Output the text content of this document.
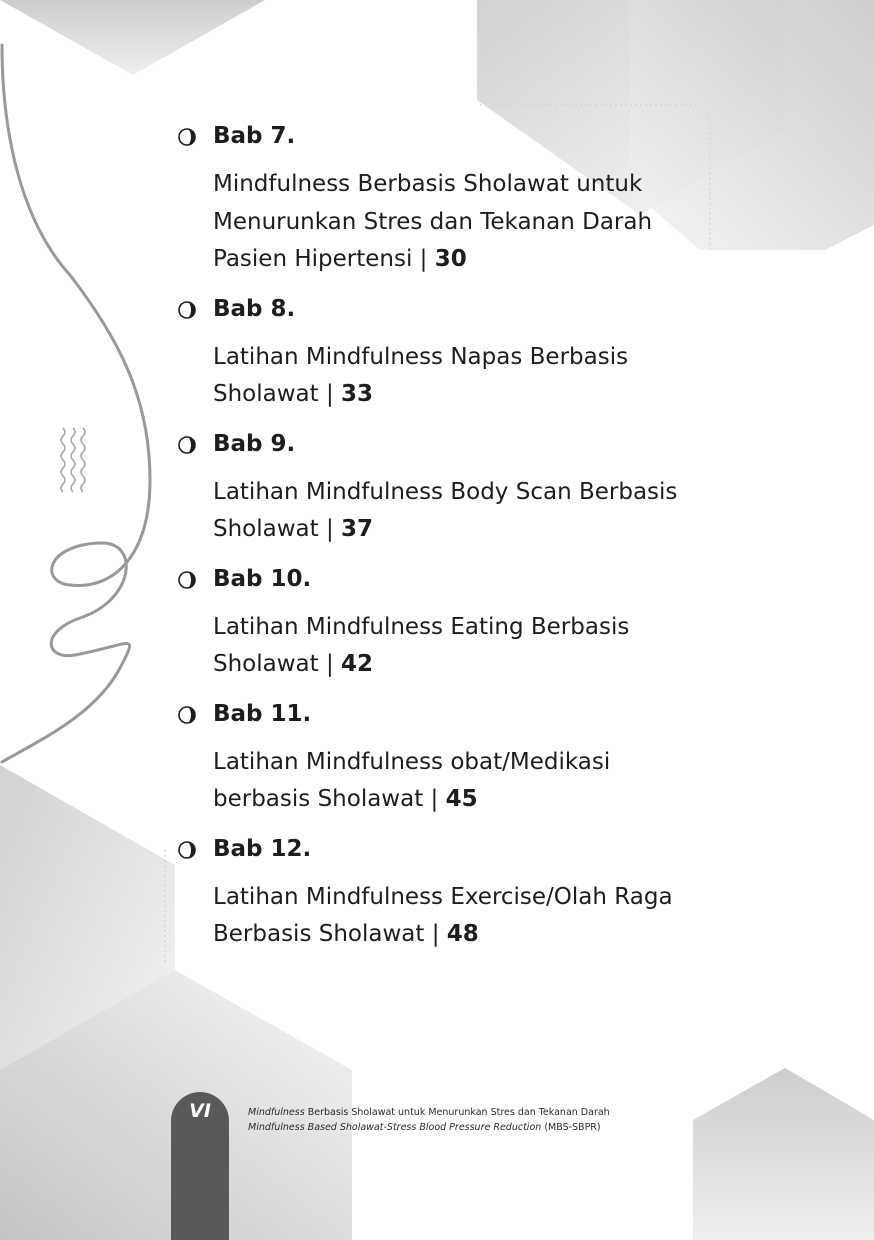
Bab 7.
Mindfulness Berbasis Sholawat untuk
Menurunkan Stres dan Tekanan Darah
Pasien Hipertensi | 30
Bab 8.
Latihan Mindfulness Napas Berbasis
Sholawat | 33
Bab 9.
Latihan Mindfulness Body Scan Berbasis
Sholawat | 37
Bab 10.
Latihan Mindfulness Eating Berbasis
Sholawat | 42
Bab 11.
Latihan Mindfulness obat/Medikasi
berbasis Sholawat | 45
Bab 12.
Latihan Mindfulness Exercise/Olah Raga
Berbasis Sholawat | 48
VI	Mindfulness Berbasis Sholawat untuk Menurunkan Stres dan Tekanan Darah
Mindfulness Based Sholawat-Stress Blood Pressure Reduction (MBS-SBPR)
